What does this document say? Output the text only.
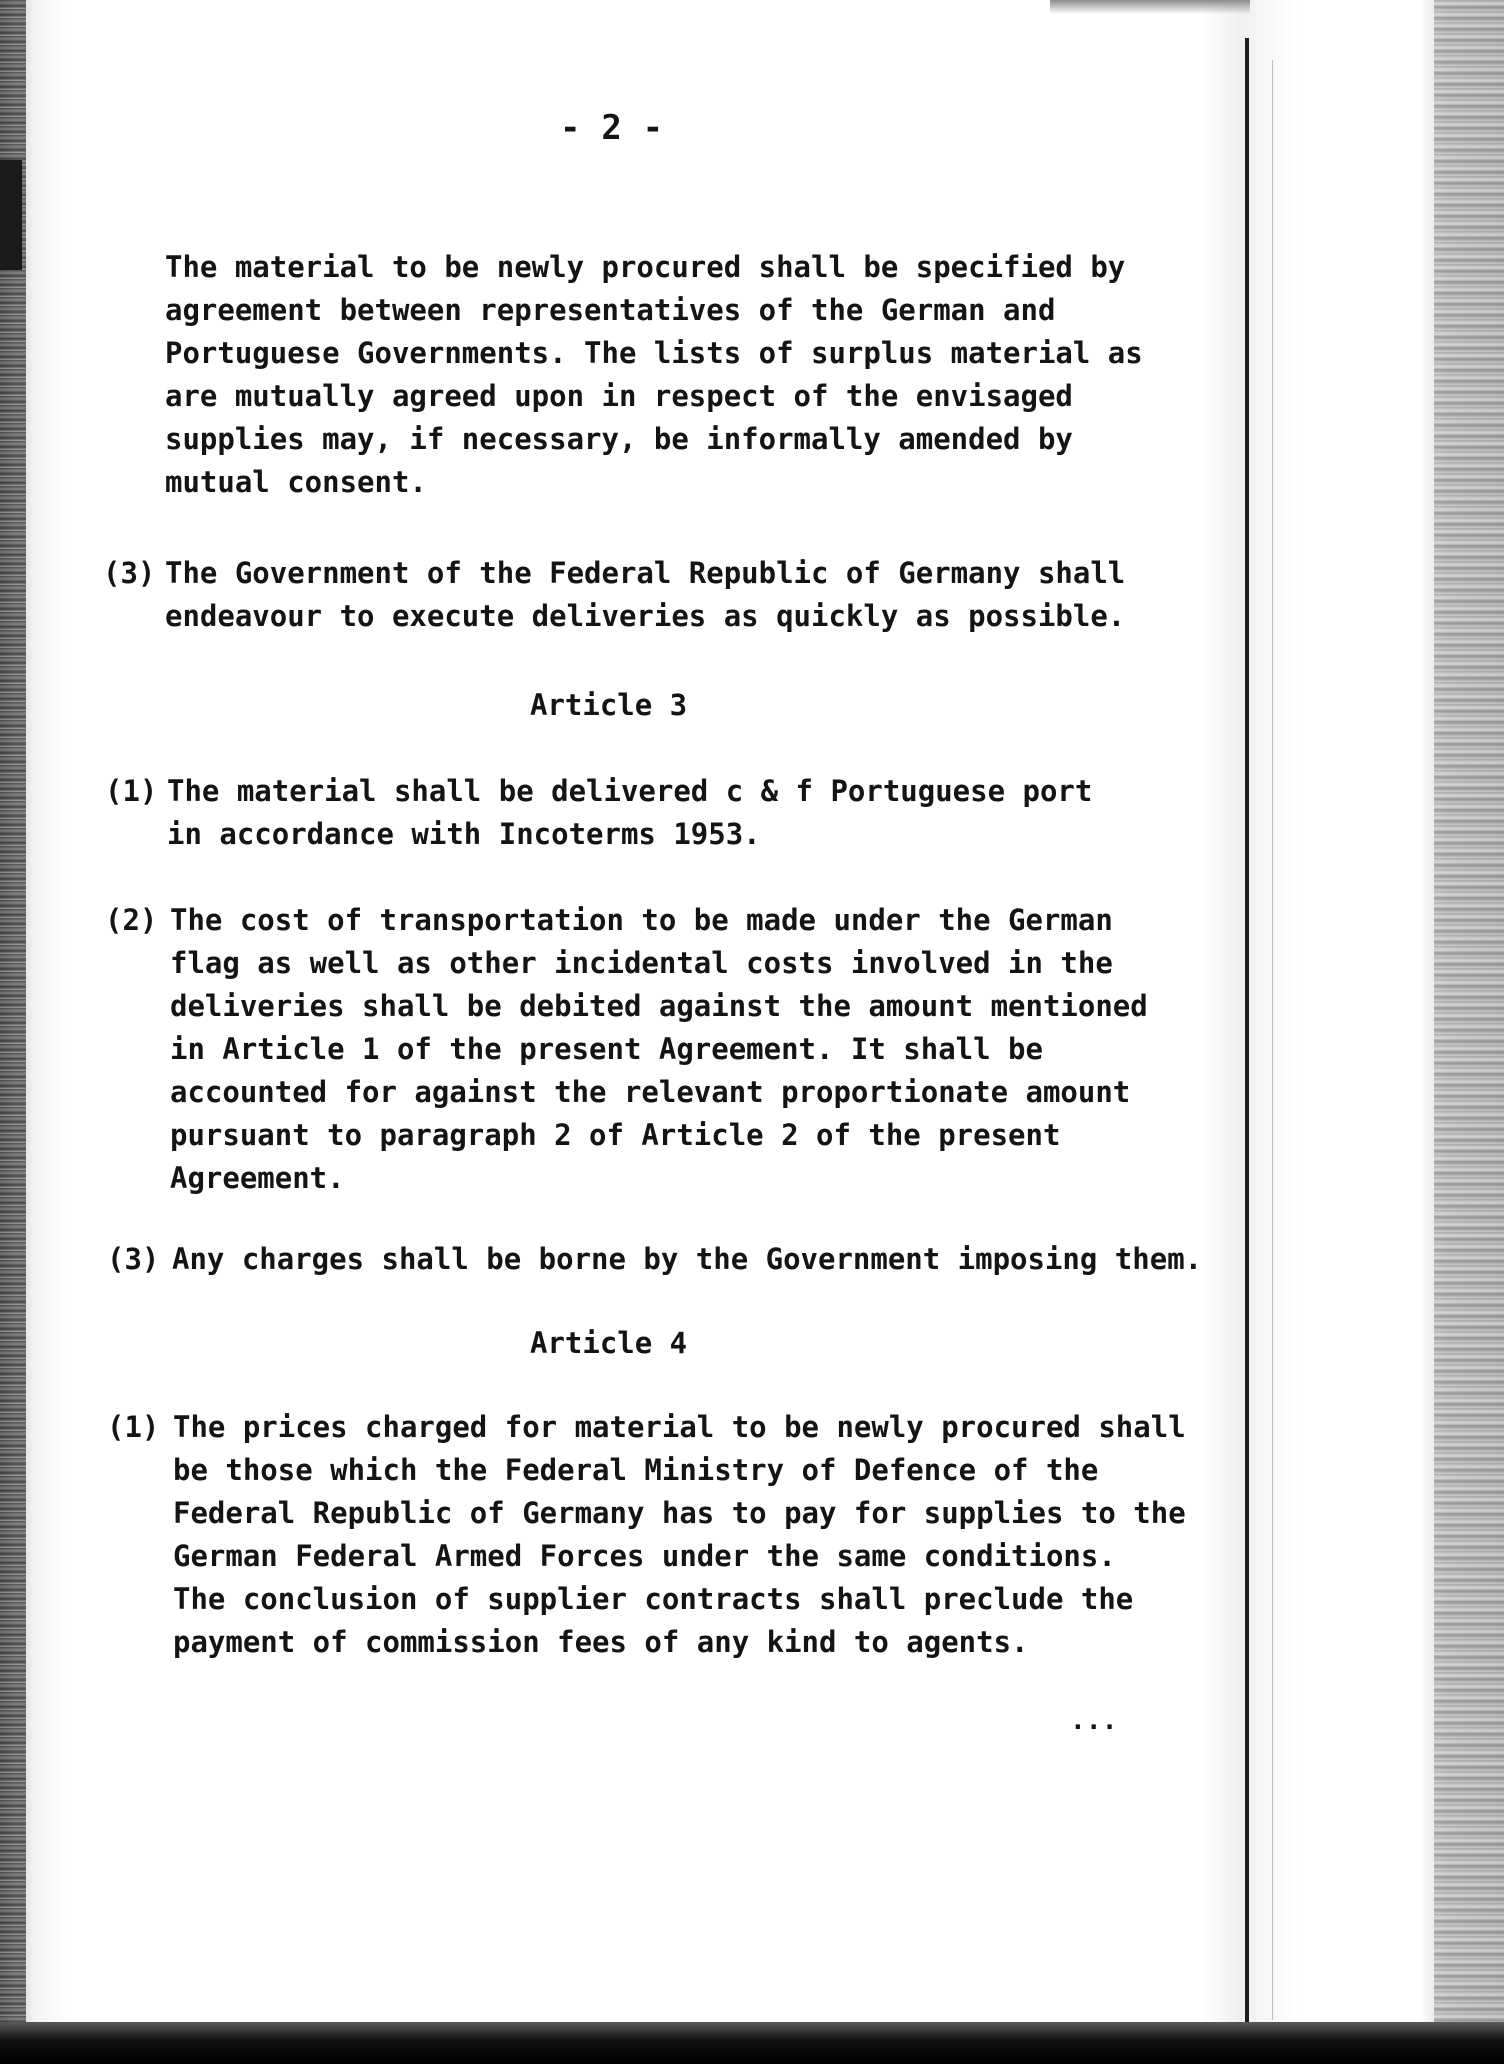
- 2 -

The material to be newly procured shall be specified by

agreement between representatives of the German and

Portuguese Governments. The lists of surplus material as

are mutually agreed upon in respect of the envisaged

supplies may, if necessary, be informally amended by

mutual consent.

(3) The Government of the Federal Republic of Germany shall

endeavour to execute deliveries as quickly as possible.

Article 3

(1) The material shall be delivered c & f Portuguese port

in accordance with Incoterms 1953.

(2) The cost of transportation to be made under the German

flag as well as other incidental costs involved in the

deliveries shall be debited against the amount mentioned

in Article 1 of the present Agreement. It shall be

accounted for against the relevant proportionate amount

pursuant to paragraph 2 of Article 2 of the present

Agreement.

(3) Any charges shall be borne by the Government imposing them.

Article 4

(1) The prices charged for material to be newly procured shall

be those which the Federal Ministry of Defence of the

Federal Republic of Germany has to pay for supplies to the

German Federal Armed Forces under the same conditions.

The conclusion of supplier contracts shall preclude the

payment of commission fees of any kind to agents.

...
